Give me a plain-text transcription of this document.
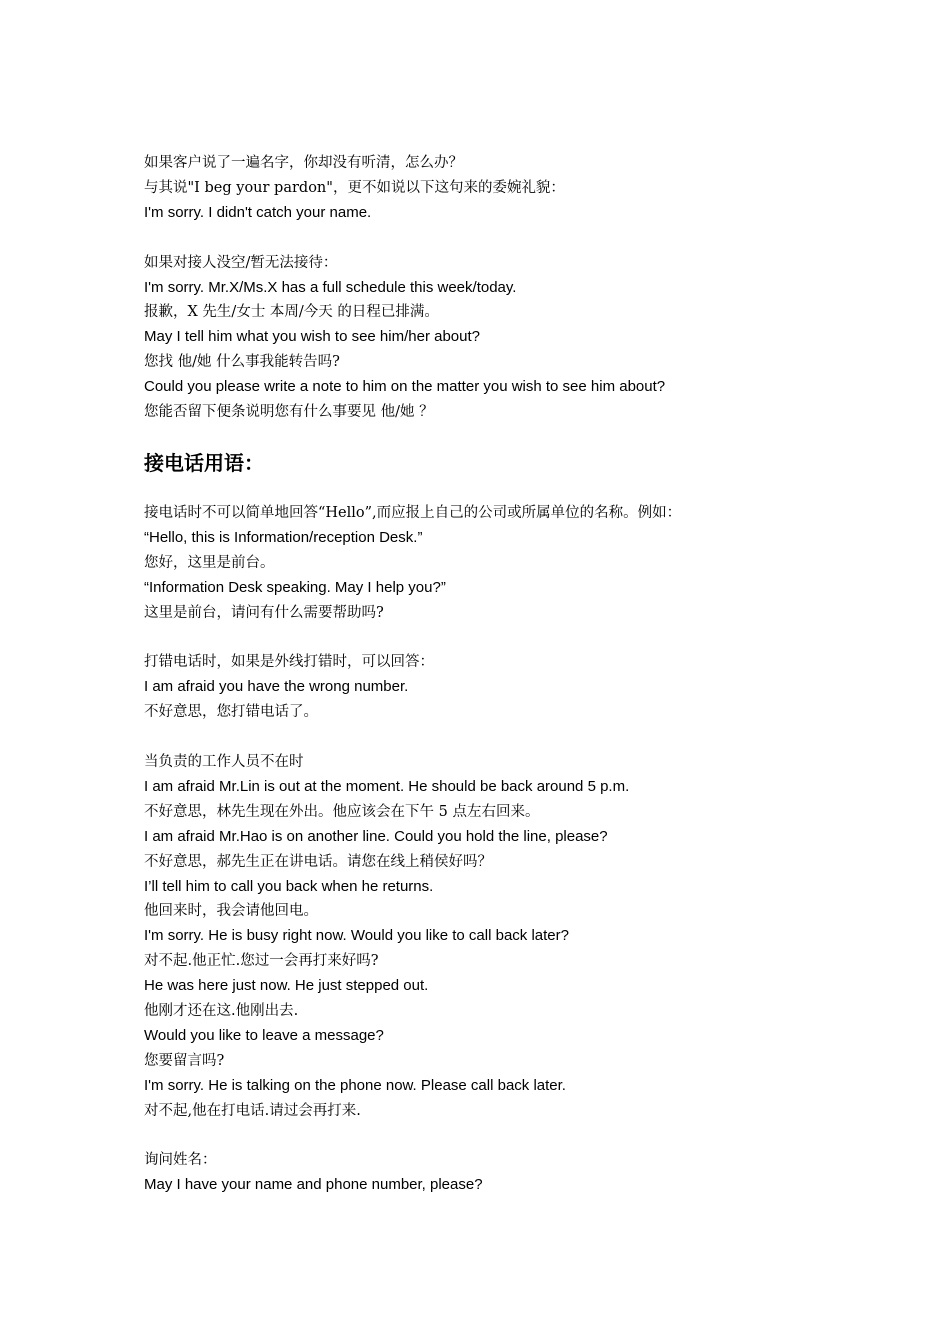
如果客户说了一遍名字，你却没有听清，怎么办？

与其说"I beg your pardon"，更不如说以下这句来的委婉礼貌：

I'm sorry. I didn't catch your name.

如果对接人没空/暂无法接待：

I'm sorry. Mr.X/Ms.X has a full schedule this week/today.

报歉，X 先生/女士 本周/今天 的日程已排满。

May I tell him what you wish to see him/her about?

您找 他/她 什么事我能转告吗?

Could you please write a note to him on the matter you wish to see him about?

您能否留下便条说明您有什么事要见 他/她 ？

接电话用语：

接电话时不可以简单地回答“Hello”,而应报上自己的公司或所属单位的名称。例如：

“Hello, this is Information/reception Desk.”

您好，这里是前台。

“Information Desk speaking. May I help you?”

这里是前台，请问有什么需要帮助吗?

打错电话时，如果是外线打错时，可以回答：

I am afraid you have the wrong number.

不好意思，您打错电话了。

当负责的工作人员不在时

I am afraid Mr.Lin is out at the moment. He should be back around 5 p.m.

不好意思，林先生现在外出。他应该会在下午 5 点左右回来。

I am afraid Mr.Hao is on another line. Could you hold the line, please?

不好意思，郝先生正在讲电话。请您在线上稍侯好吗？

I’ll tell him to call you back when he returns.

他回来时，我会请他回电。

I'm sorry. He is busy right now. Would you like to call back later?

对不起.他正忙.您过一会再打来好吗?

He was here just now. He just stepped out.

他刚才还在这.他刚出去.

Would you like to leave a message?

您要留言吗?

I'm sorry. He is talking on the phone now. Please call back later.

对不起,他在打电话.请过会再打来.

询问姓名：

May I have your name and phone number, please?
